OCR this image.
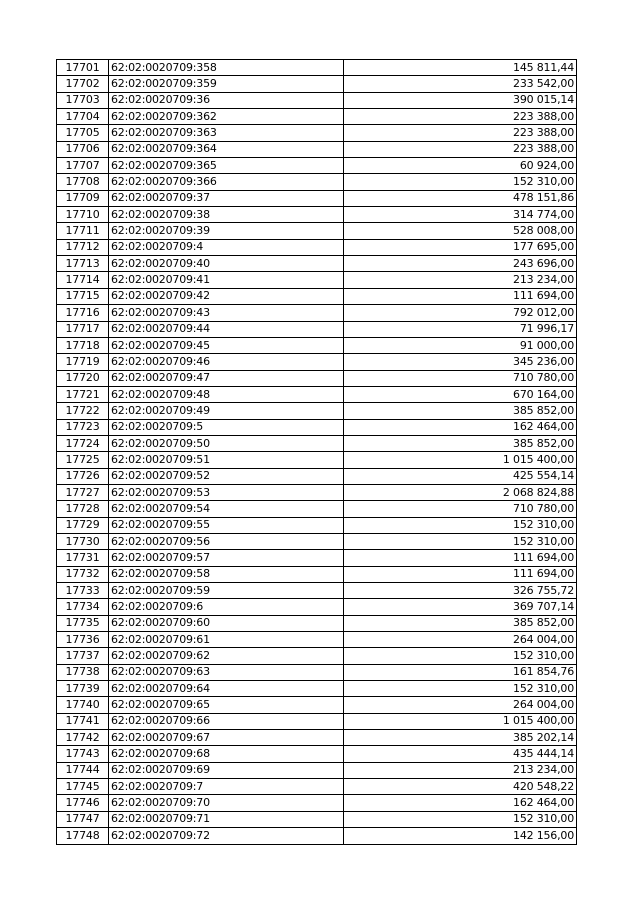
17701	62:02:0020709:358	145 811,44
17702	62:02:0020709:359	233 542,00
17703	62:02:0020709:36	390 015,14
17704	62:02:0020709:362	223 388,00
17705	62:02:0020709:363	223 388,00
17706	62:02:0020709:364	223 388,00
17707	62:02:0020709:365	60 924,00
17708	62:02:0020709:366	152 310,00
17709	62:02:0020709:37	478 151,86
17710	62:02:0020709:38	314 774,00
17711	62:02:0020709:39	528 008,00
17712	62:02:0020709:4	177 695,00
17713	62:02:0020709:40	243 696,00
17714	62:02:0020709:41	213 234,00
17715	62:02:0020709:42	111 694,00
17716	62:02:0020709:43	792 012,00
17717	62:02:0020709:44	71 996,17
17718	62:02:0020709:45	91 000,00
17719	62:02:0020709:46	345 236,00
17720	62:02:0020709:47	710 780,00
17721	62:02:0020709:48	670 164,00
17722	62:02:0020709:49	385 852,00
17723	62:02:0020709:5	162 464,00
17724	62:02:0020709:50	385 852,00
17725	62:02:0020709:51	1 015 400,00
17726	62:02:0020709:52	425 554,14
17727	62:02:0020709:53	2 068 824,88
17728	62:02:0020709:54	710 780,00
17729	62:02:0020709:55	152 310,00
17730	62:02:0020709:56	152 310,00
17731	62:02:0020709:57	111 694,00
17732	62:02:0020709:58	111 694,00
17733	62:02:0020709:59	326 755,72
17734	62:02:0020709:6	369 707,14
17735	62:02:0020709:60	385 852,00
17736	62:02:0020709:61	264 004,00
17737	62:02:0020709:62	152 310,00
17738	62:02:0020709:63	161 854,76
17739	62:02:0020709:64	152 310,00
17740	62:02:0020709:65	264 004,00
17741	62:02:0020709:66	1 015 400,00
17742	62:02:0020709:67	385 202,14
17743	62:02:0020709:68	435 444,14
17744	62:02:0020709:69	213 234,00
17745	62:02:0020709:7	420 548,22
17746	62:02:0020709:70	162 464,00
17747	62:02:0020709:71	152 310,00
17748	62:02:0020709:72	142 156,00
